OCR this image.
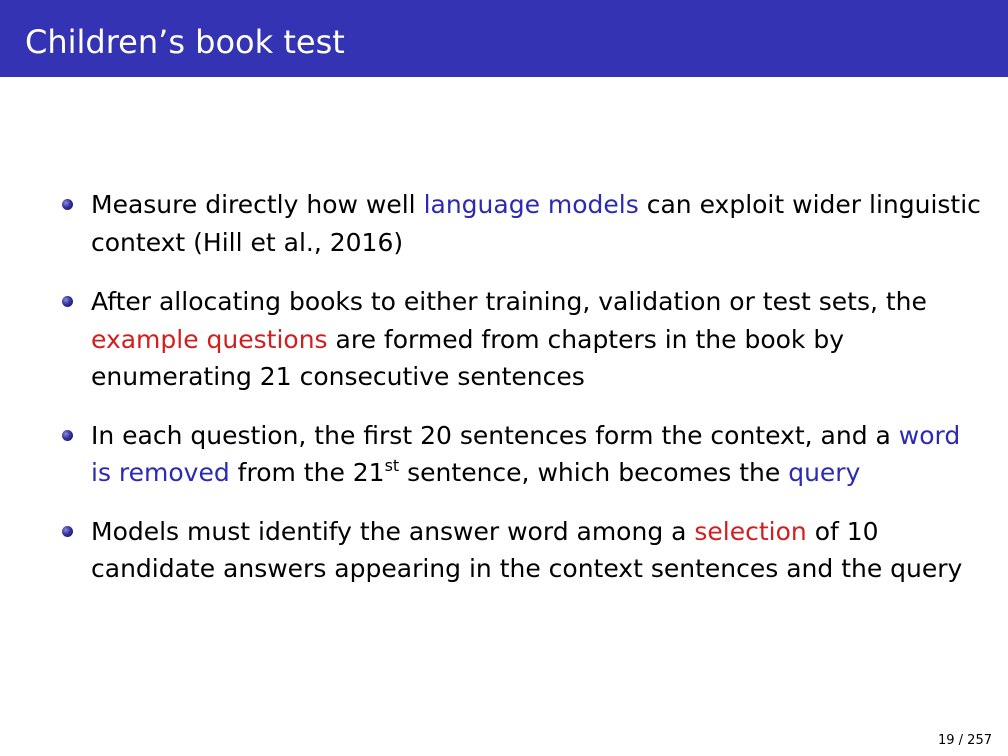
Children’s book test
Measure directly how well language models can exploit wider linguistic context (Hill et al., 2016)
After allocating books to either training, validation or test sets, the example questions are formed from chapters in the book by enumerating 21 consecutive sentences
In each question, the first 20 sentences form the context, and a word is removed from the 21st sentence, which becomes the query
Models must identify the answer word among a selection of 10 candidate answers appearing in the context sentences and the query
19 / 257
